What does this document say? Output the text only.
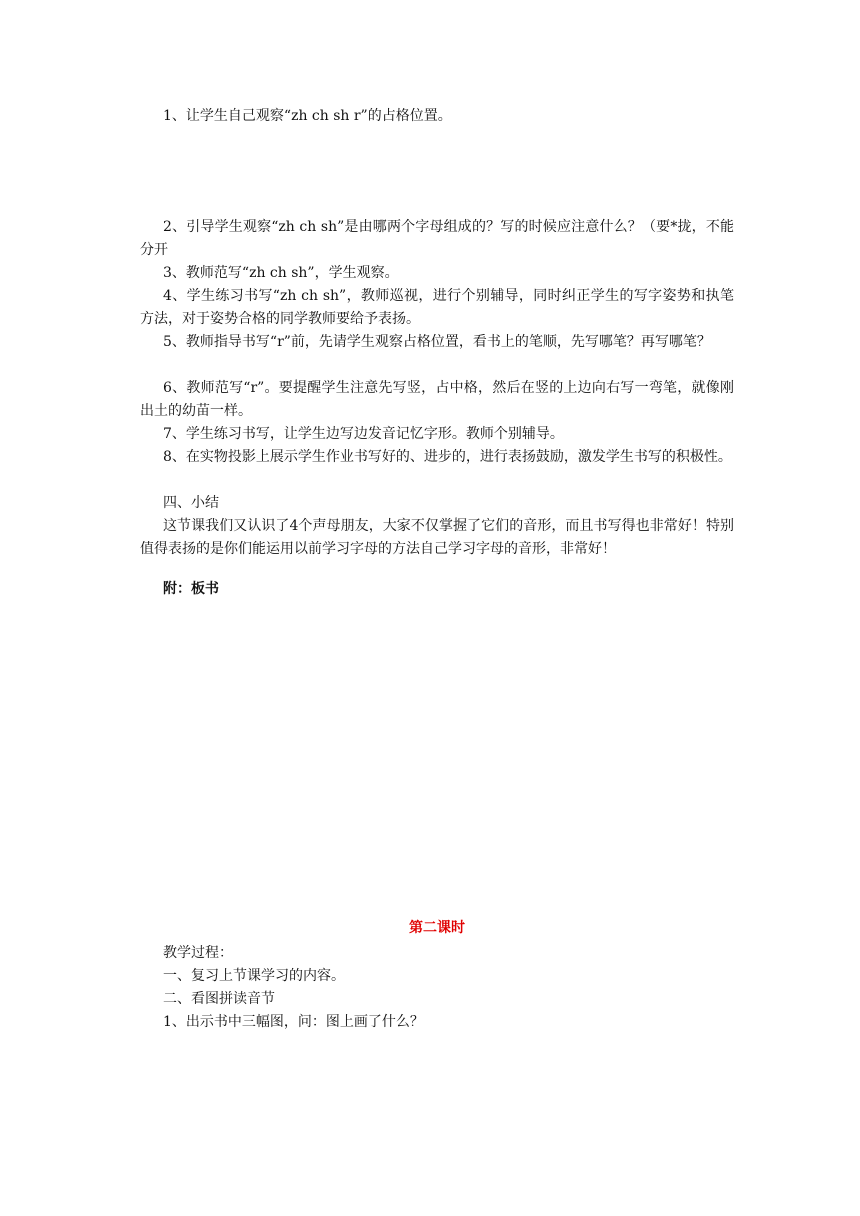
1、让学生自己观察“zh ch sh r”的占格位置。
2、引导学生观察“zh ch sh”是由哪两个字母组成的？写的时候应注意什么？（要*拢，不能分开
3、教师范写“zh ch sh”，学生观察。
4、学生练习书写“zh ch sh”，教师巡视，进行个别辅导，同时纠正学生的写字姿势和执笔方法，对于姿势合格的同学教师要给予表扬。
5、教师指导书写“r”前，先请学生观察占格位置，看书上的笔顺，先写哪笔？再写哪笔？
6、教师范写“r”。要提醒学生注意先写竖，占中格，然后在竖的上边向右写一弯笔，就像刚出土的幼苗一样。
7、学生练习书写，让学生边写边发音记忆字形。教师个别辅导。
8、在实物投影上展示学生作业书写好的、进步的，进行表扬鼓励，激发学生书写的积极性。
四、小结
这节课我们又认识了4个声母朋友，大家不仅掌握了它们的音形，而且书写得也非常好！特别值得表扬的是你们能运用以前学习字母的方法自己学习字母的音形，非常好！
附：板书
第二课时
教学过程：
一、复习上节课学习的内容。
二、看图拼读音节
1、出示书中三幅图，问：图上画了什么？
